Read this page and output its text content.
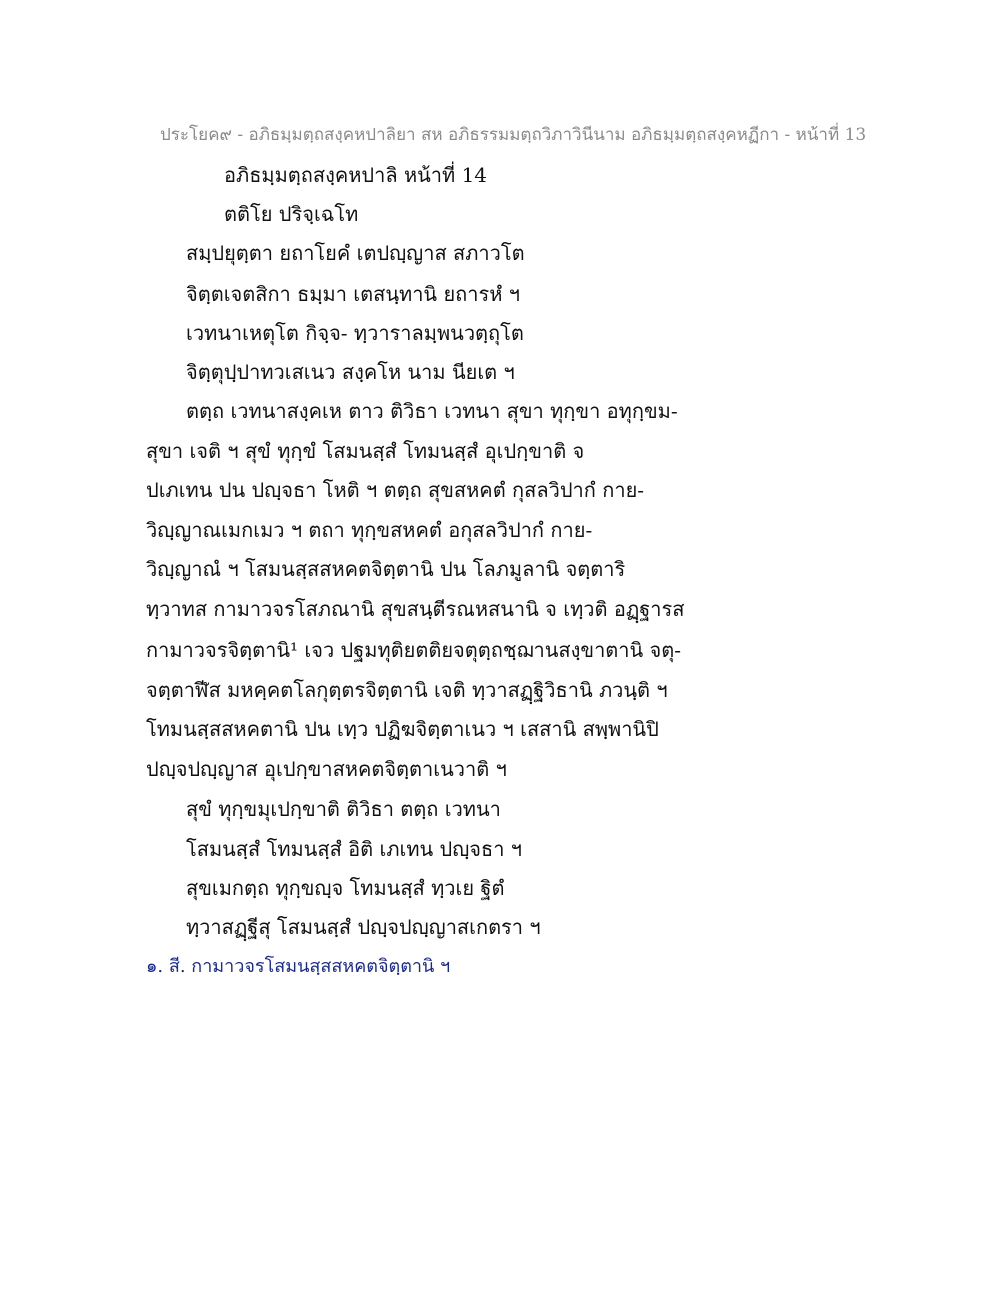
ประโยค๙ - อภิธมฺมตฺถสงฺคหปาลิยา สห อภิธรรมมตฺถวิภาวินีนาม อภิธมฺมตฺถสงฺคหฏีกา - หน้าที่ 13
อภิธมฺมตฺถสงฺคหปาลิ หน้าที่ 14
ตติโย ปริจฺเฉโท
สมฺปยุตฺตา ยถาโยคํ เตปญฺญาส สภาวโต
จิตฺตเจตสิกา ธมฺมา เตสนฺทานิ ยถารหํ ฯ
เวทนาเหตุโต กิจฺจ- ทฺวาราลมฺพนวตฺถุโต
จิตฺตุปฺปาทวเสเนว สงฺคโห นาม นียเต ฯ
ตตฺถ เวทนาสงฺคเห ตาว ติวิธา เวทนา สุขา ทุกฺขา อทุกฺขม-
สุขา เจติ ฯ สุขํ ทุกฺขํ โสมนสฺสํ โทมนสฺสํ อุเปกฺขาติ จ
ปเภเทน ปน ปญฺจธา โหติ ฯ ตตฺถ สุขสหคตํ กุสลวิปากํ กาย-
วิญฺญาณเมกเมว ฯ ตถา ทุกฺขสหคตํ อกุสลวิปากํ กาย-
วิญฺญาณํ ฯ โสมนสฺสสหคตจิตฺตานิ ปน โลภมูลานิ จตฺตาริ
ทฺวาทส กามาวจรโสภณานิ สุขสนฺตีรณหสนานิ จ เทฺวติ อฏฺฐารส
กามาวจรจิตฺตานิ¹ เจว ปฐมทุติยตติยจตุตฺถชฺฌานสงฺขาตานิ จตุ-
จตฺตาฬีส มหคฺคตโลกุตฺตรจิตฺตานิ เจติ ทฺวาสฏฺฐิวิธานิ ภวนฺติ ฯ
โทมนสฺสสหคตานิ ปน เทฺว ปฏิฆจิตฺตาเนว ฯ เสสานิ สพฺพานิปิ
ปญฺจปญฺญาส อุเปกฺขาสหคตจิตฺตาเนวาติ ฯ
สุขํ ทุกฺขมุเปกฺขาติ ติวิธา ตตฺถ เวทนา
โสมนสฺสํ โทมนสฺสํ อิติ เภเทน ปญฺจธา ฯ
สุขเมกตฺถ ทุกฺขญฺจ โทมนสฺสํ ทฺวเย ฐิตํ
ทฺวาสฏฺฐีสุ โสมนสฺสํ ปญฺจปญฺญาสเกตรา ฯ
๑. สี. กามาวจรโสมนสฺสสหคตจิตฺตานิ ฯ
